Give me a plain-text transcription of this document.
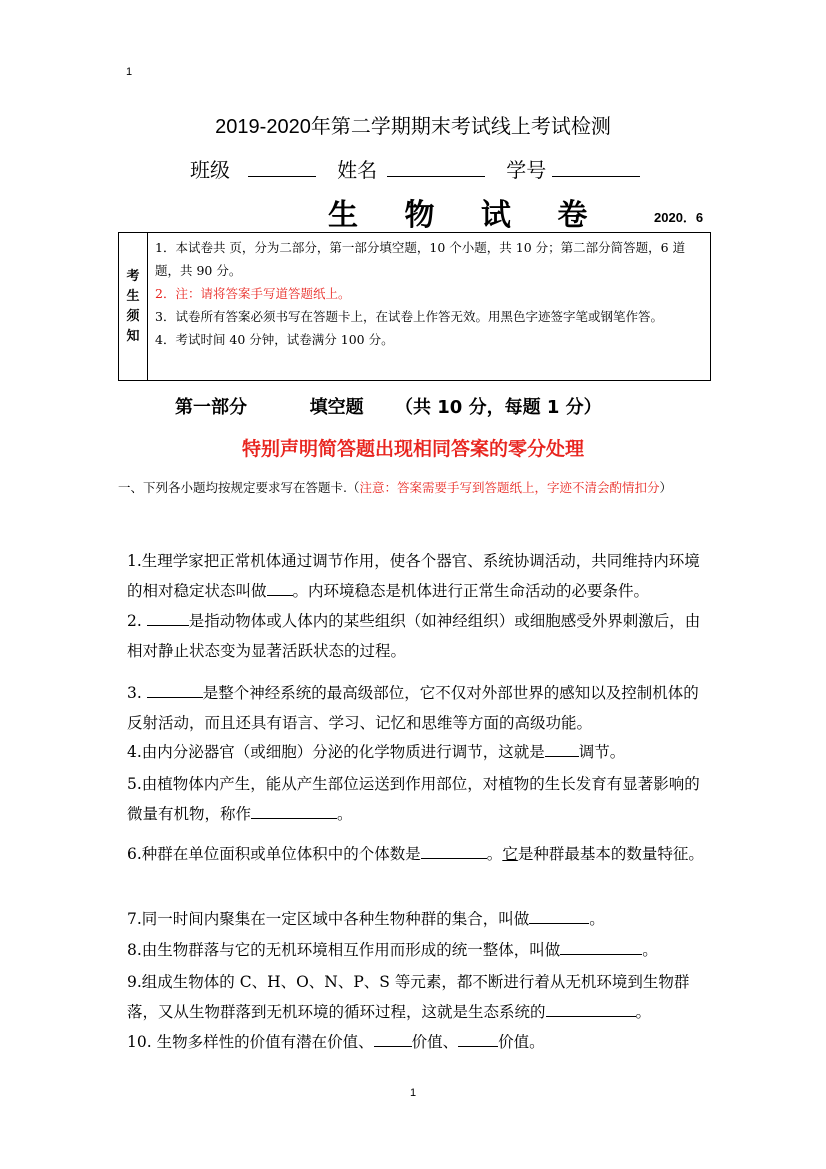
1
2019-2020年第二学期期末考试线上考试检测
班级	姓名	学号
生 物 试 卷	2020．6
考
生
须
知

1．本试卷共 页，分为二部分，第一部分填空题，10 个小题，共 10 分；第二部分简答题，6 道题，共 90 分。

2．注：请将答案手写道答题纸上。

3．试卷所有答案必须书写在答题卡上，在试卷上作答无效。用黑色字迹签字笔或钢笔作答。

4．考试时间 40 分钟，试卷满分 100 分。

第一部分          填空题     （共 10 分，每题 1 分）
特别声明简答题出现相同答案的零分处理
一、下列各小题均按规定要求写在答题卡.（注意：答案需要手写到答题纸上，字迹不清会酌情扣分）

1.生理学家把正常机体通过调节作用，使各个器官、系统协调活动，共同维持内环境的相对稳定状态叫做 。内环境稳态是机体进行正常生命活动的必要条件。

2.	是指动物体或人体内的某些组织（如神经组织）或细胞感受外界刺激后，由相对静止状态变为显著活跃状态的过程。

3.	是整个神经系统的最高级部位，它不仅对外部世界的感知以及控制机体的反射活动，而且还具有语言、学习、记忆和思维等方面的高级功能。

4.由内分泌器官（或细胞）分泌的化学物质进行调节，这就是 调节。

5.由植物体内产生，能从产生部位运送到作用部位，对植物的生长发育有显著影响的微量有机物，称作	。

6.种群在单位面积或单位体积中的个体数是	。它是种群最基本的数量特征。

7.同一时间内聚集在一定区域中各种生物种群的集合，叫做	。

8.由生物群落与它的无机环境相互作用而形成的统一整体，叫做	。

9.组成生物体的 C、H、O、N、P、S 等元素，都不断进行着从无机环境到生物群落，又从生物群落到无机环境的循环过程，这就是生态系统的	。

10. 生物多样性的价值有潜在价值、 价值、	价值。

1
